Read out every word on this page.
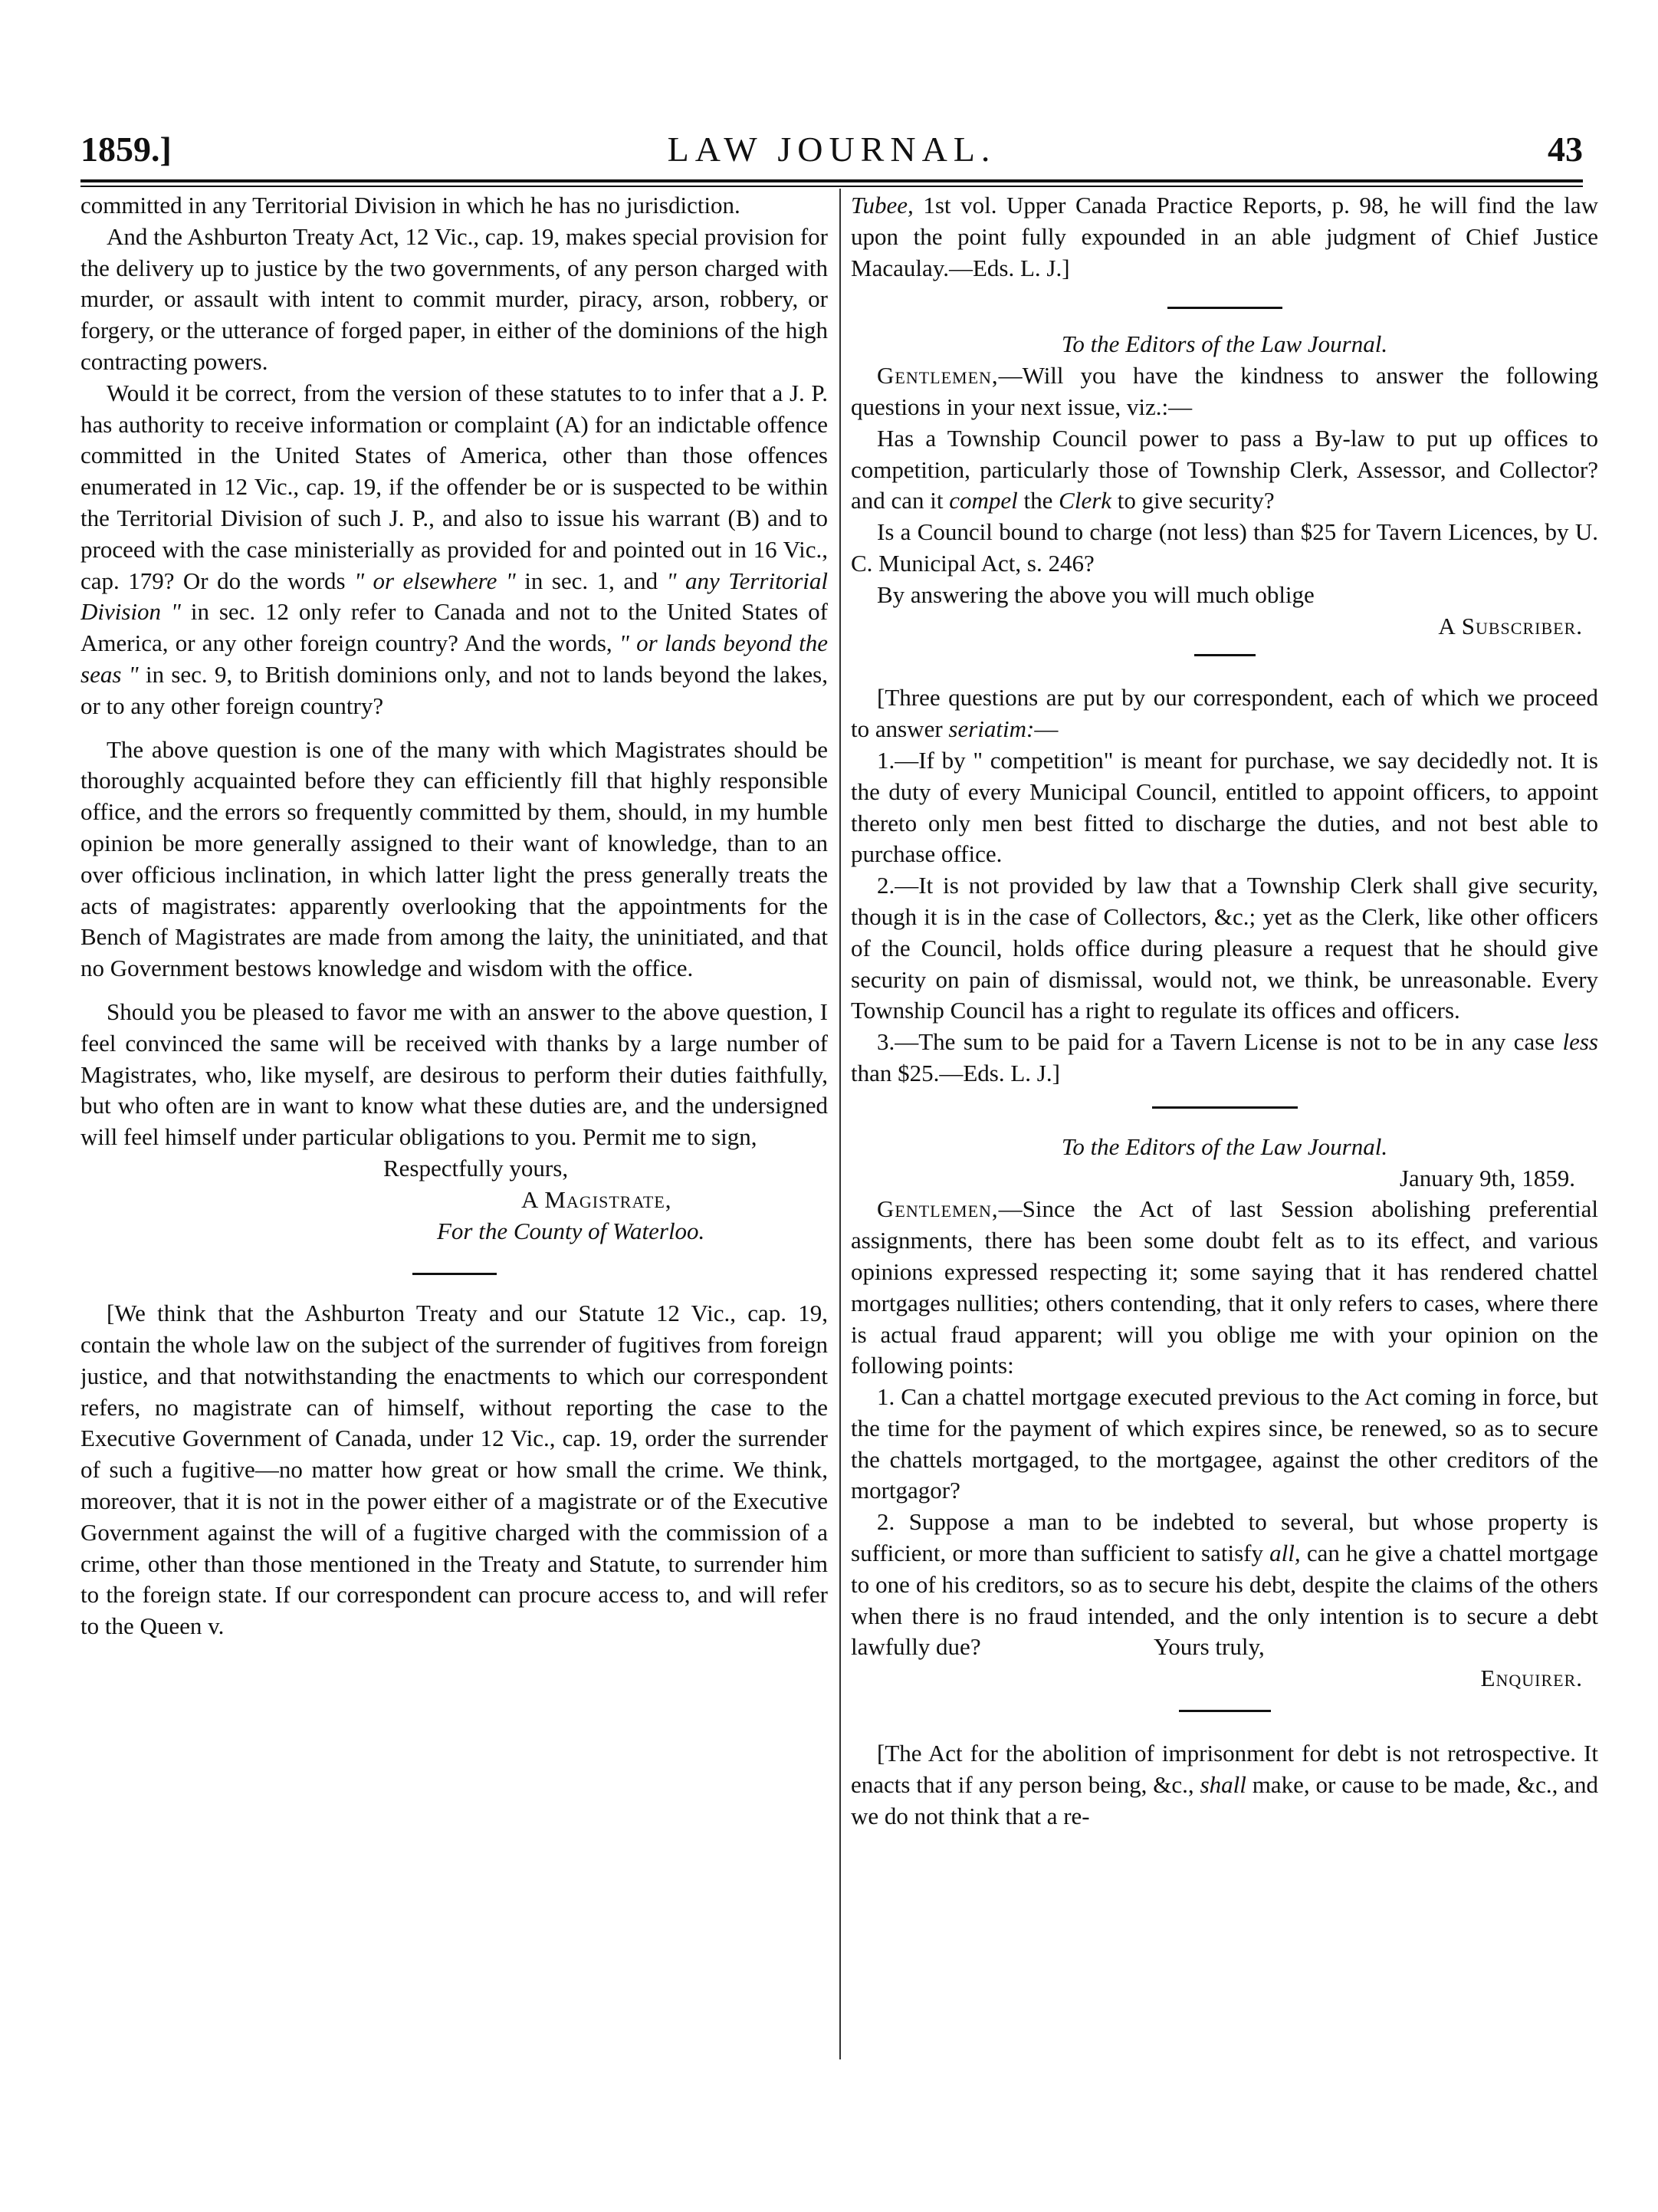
1859.]	LAW JOURNAL.	43

committed in any Territorial Division in which he has no jurisdiction.

And the Ashburton Treaty Act, 12 Vic., cap. 19, makes special provision for the delivery up to justice by the two governments, of any person charged with murder, or assault with intent to commit murder, piracy, arson, robbery, or forgery, or the utterance of forged paper, in either of the dominions of the high contracting powers.

Would it be correct, from the version of these statutes to to infer that a J. P. has authority to receive information or complaint (A) for an indictable offence committed in the United States of America, other than those offences enumerated in 12 Vic., cap. 19, if the offender be or is suspected to be within the Territorial Division of such J. P., and also to issue his warrant (B) and to proceed with the case ministerially as provided for and pointed out in 16 Vic., cap. 179? Or do the words " or elsewhere " in sec. 1, and " any Territorial Division " in sec. 12 only refer to Canada and not to the United States of America, or any other foreign country? And the words, " or lands beyond the seas " in sec. 9, to British dominions only, and not to lands beyond the lakes, or to any other foreign country?

The above question is one of the many with which Magistrates should be thoroughly acquainted before they can efficiently fill that highly responsible office, and the errors so frequently committed by them, should, in my humble opinion be more generally assigned to their want of knowledge, than to an over officious inclination, in which latter light the press generally treats the acts of magistrates: apparently overlooking that the appointments for the Bench of Magistrates are made from among the laity, the uninitiated, and that no Government bestows knowledge and wisdom with the office.

Should you be pleased to favor me with an answer to the above question, I feel convinced the same will be received with thanks by a large number of Magistrates, who, like myself, are desirous to perform their duties faithfully, but who often are in want to know what these duties are, and the undersigned will feel himself under particular obligations to you. Permit me to sign,

Respectfully yours,

A Magistrate,

For the County of Waterloo.

[We think that the Ashburton Treaty and our Statute 12 Vic., cap. 19, contain the whole law on the subject of the surrender of fugitives from foreign justice, and that notwithstanding the enactments to which our correspondent refers, no magistrate can of himself, without reporting the case to the Executive Government of Canada, under 12 Vic., cap. 19, order the surrender of such a fugitive—no matter how great or how small the crime. We think, moreover, that it is not in the power either of a magistrate or of the Executive Government against the will of a fugitive charged with the commission of a crime, other than those mentioned in the Treaty and Statute, to surrender him to the foreign state. If our correspondent can procure access to, and will refer to the Queen v.

Tubee, 1st vol. Upper Canada Practice Reports, p. 98, he will find the law upon the point fully expounded in an able judgment of Chief Justice Macaulay.—Eds. L. J.]

To the Editors of the Law Journal.

Gentlemen,—Will you have the kindness to answer the following questions in your next issue, viz.:—

Has a Township Council power to pass a By-law to put up offices to competition, particularly those of Township Clerk, Assessor, and Collector? and can it compel the Clerk to give security?

Is a Council bound to charge (not less) than $25 for Tavern Licences, by U. C. Municipal Act, s. 246?

By answering the above you will much oblige

A Subscriber.

[Three questions are put by our correspondent, each of which we proceed to answer seriatim:—

1.—If by " competition" is meant for purchase, we say decidedly not. It is the duty of every Municipal Council, entitled to appoint officers, to appoint thereto only men best fitted to discharge the duties, and not best able to purchase office.

2.—It is not provided by law that a Township Clerk shall give security, though it is in the case of Collectors, &c.; yet as the Clerk, like other officers of the Council, holds office during pleasure a request that he should give security on pain of dismissal, would not, we think, be unreasonable. Every Township Council has a right to regulate its offices and officers.

3.—The sum to be paid for a Tavern License is not to be in any case less than $25.—Eds. L. J.]

To the Editors of the Law Journal.

January 9th, 1859.

Gentlemen,—Since the Act of last Session abolishing preferential assignments, there has been some doubt felt as to its effect, and various opinions expressed respecting it; some saying that it has rendered chattel mortgages nullities; others contending, that it only refers to cases, where there is actual fraud apparent; will you oblige me with your opinion on the following points:

1. Can a chattel mortgage executed previous to the Act coming in force, but the time for the payment of which expires since, be renewed, so as to secure the chattels mortgaged, to the mortgagee, against the other creditors of the mortgagor?

2. Suppose a man to be indebted to several, but whose property is sufficient, or more than sufficient to satisfy all, can he give a chattel mortgage to one of his creditors, so as to secure his debt, despite the claims of the others when there is no fraud intended, and the only intention is to secure a debt lawfully due?	Yours truly,

Enquirer.

[The Act for the abolition of imprisonment for debt is not retrospective. It enacts that if any person being, &c., shall make, or cause to be made, &c., and we do not think that a re-
